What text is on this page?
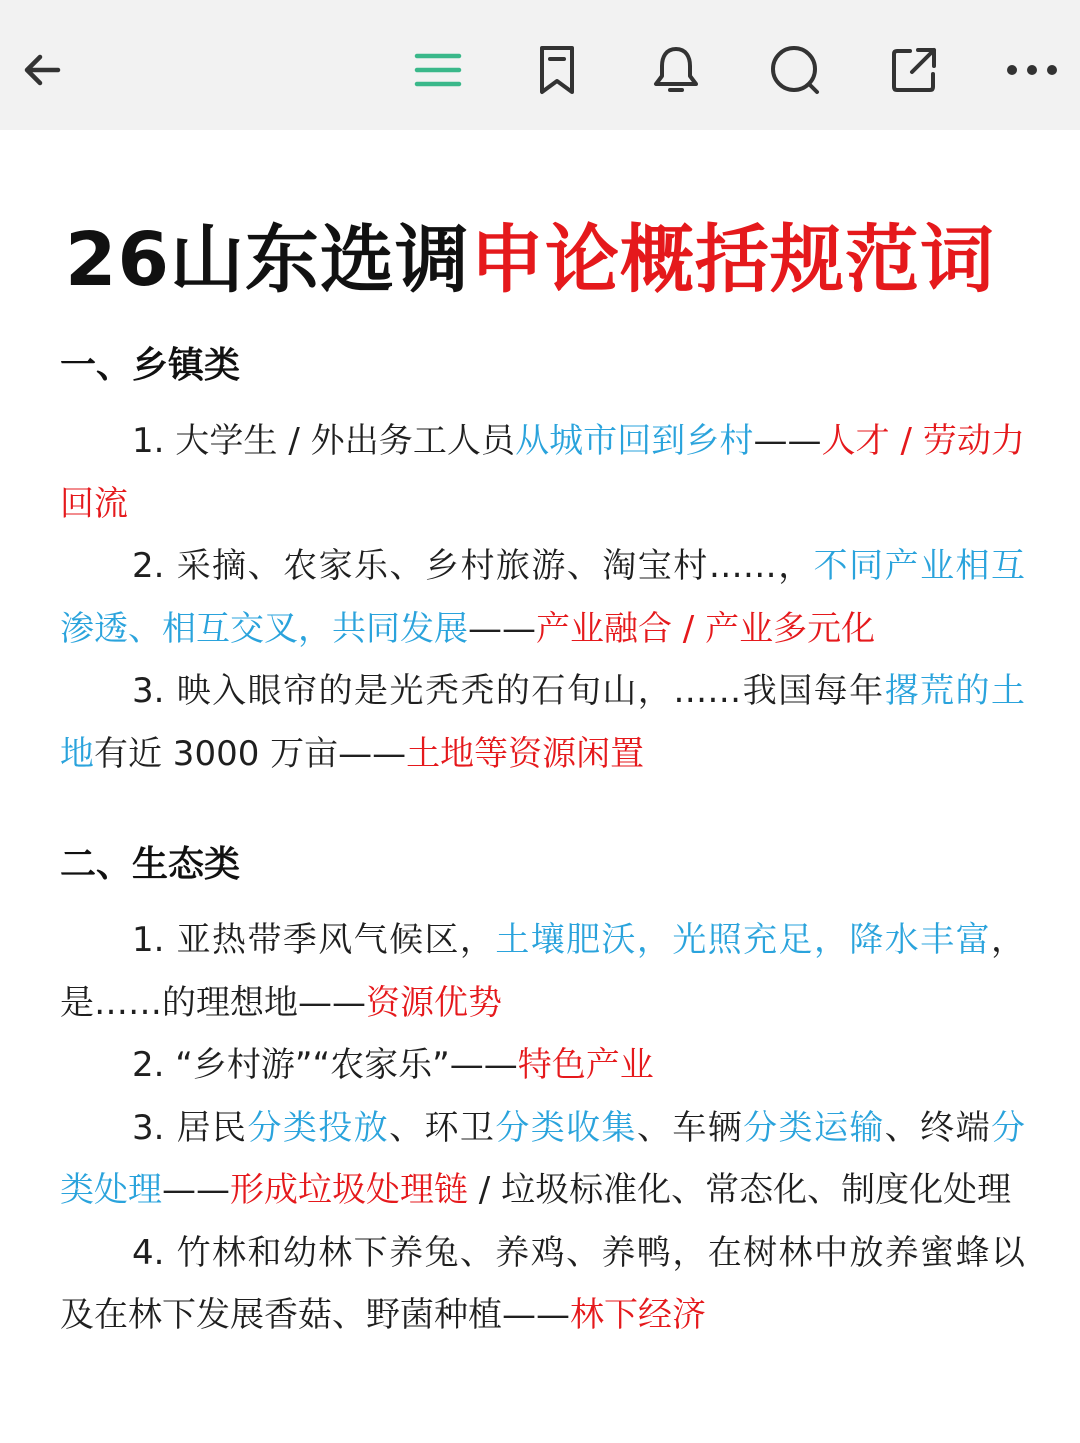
26山东选调申论概括规范词
一、乡镇类
1. 大学生 / 外出务工人员从城市回到乡村——人才 / 劳动力回流
2. 采摘、农家乐、乡村旅游、淘宝村……，不同产业相互渗透、相互交叉，共同发展——产业融合 / 产业多元化
3. 映入眼帘的是光秃秃的石旬山，……我国每年撂荒的土地有近 3000 万亩——土地等资源闲置
二、生态类
1. 亚热带季风气候区，土壤肥沃，光照充足，降水丰富，是……的理想地——资源优势
2. “乡村游”“农家乐”——特色产业
3. 居民分类投放、环卫分类收集、车辆分类运输、终端分类处理——形成垃圾处理链 / 垃圾标准化、常态化、制度化处理
4. 竹林和幼林下养兔、养鸡、养鸭，在树林中放养蜜蜂以及在林下发展香菇、野菌种植——林下经济
